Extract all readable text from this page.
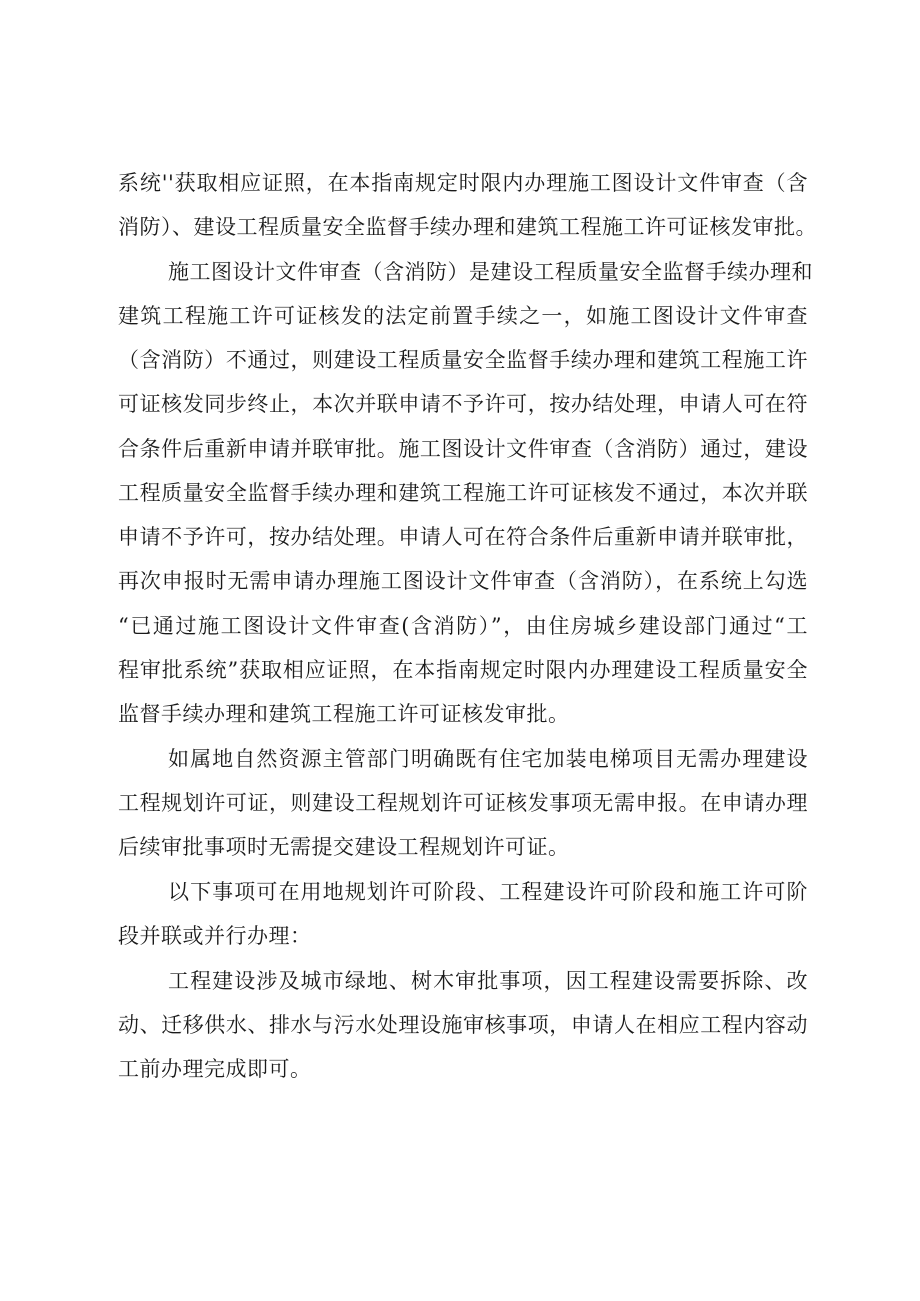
系统''获取相应证照，在本指南规定时限内办理施工图设计文件审查（含
消防）、建设工程质量安全监督手续办理和建筑工程施工许可证核发审批。
施工图设计文件审查（含消防）是建设工程质量安全监督手续办理和
建筑工程施工许可证核发的法定前置手续之一，如施工图设计文件审查
（含消防）不通过，则建设工程质量安全监督手续办理和建筑工程施工许
可证核发同步终止，本次并联申请不予许可，按办结处理，申请人可在符
合条件后重新申请并联审批。施工图设计文件审查（含消防）通过，建设
工程质量安全监督手续办理和建筑工程施工许可证核发不通过，本次并联
申请不予许可，按办结处理。申请人可在符合条件后重新申请并联审批，
再次申报时无需申请办理施工图设计文件审查（含消防），在系统上勾选
“已通过施工图设计文件审查(含消防）”，由住房城乡建设部门通过“工
程审批系统”获取相应证照，在本指南规定时限内办理建设工程质量安全
监督手续办理和建筑工程施工许可证核发审批。
如属地自然资源主管部门明确既有住宅加装电梯项目无需办理建设
工程规划许可证，则建设工程规划许可证核发事项无需申报。在申请办理
后续审批事项时无需提交建设工程规划许可证。
以下事项可在用地规划许可阶段、工程建设许可阶段和施工许可阶
段并联或并行办理：
工程建设涉及城市绿地、树木审批事项，因工程建设需要拆除、改
动、迁移供水、排水与污水处理设施审核事项，申请人在相应工程内容动
工前办理完成即可。
